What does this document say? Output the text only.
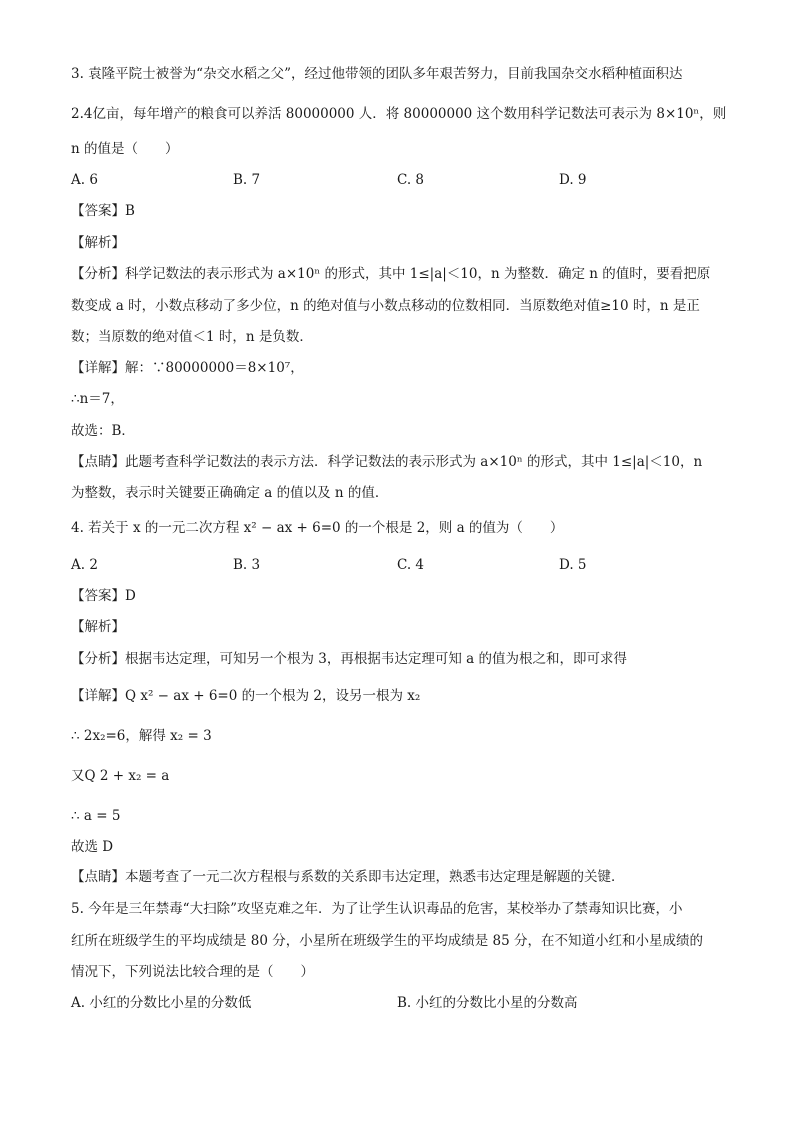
3. 袁隆平院士被誉为“杂交水稻之父”，经过他带领的团队多年艰苦努力，目前我国杂交水稻种植面积达
2.4亿亩，每年增产的粮食可以养活 80000000 人．将 80000000 这个数用科学记数法可表示为 8×10ⁿ，则
n 的值是（　　）
A. 6	B. 7	C. 8	D. 9
【答案】B
【解析】
【分析】科学记数法的表示形式为 a×10ⁿ 的形式，其中 1≤|a|＜10，n 为整数．确定 n 的值时，要看把原
数变成 a 时，小数点移动了多少位，n 的绝对值与小数点移动的位数相同．当原数绝对值≥10 时，n 是正
数；当原数的绝对值＜1 时，n 是负数．
【详解】解：∵80000000＝8×10⁷，
∴n＝7，
故选：B．
【点睛】此题考查科学记数法的表示方法．科学记数法的表示形式为 a×10ⁿ 的形式，其中 1≤|a|＜10，n
为整数，表示时关键要正确确定 a 的值以及 n 的值．
4. 若关于 x 的一元二次方程 x² − ax + 6=0 的一个根是 2，则 a 的值为（　　）
A. 2	B. 3	C. 4	D. 5
【答案】D
【解析】
【分析】根据韦达定理，可知另一个根为 3，再根据韦达定理可知 a 的值为根之和，即可求得
【详解】Q x² − ax + 6=0 的一个根为 2，设另一根为 x₂
∴ 2x₂=6，解得 x₂ = 3
又Q 2 + x₂ = a
∴ a = 5
故选 D
【点睛】本题考查了一元二次方程根与系数的关系即韦达定理，熟悉韦达定理是解题的关键．
5. 今年是三年禁毒“大扫除”攻坚克难之年．为了让学生认识毒品的危害，某校举办了禁毒知识比赛，小
红所在班级学生的平均成绩是 80 分，小星所在班级学生的平均成绩是 85 分，在不知道小红和小星成绩的
情况下，下列说法比较合理的是（　　）
A. 小红的分数比小星的分数低	B. 小红的分数比小星的分数高
